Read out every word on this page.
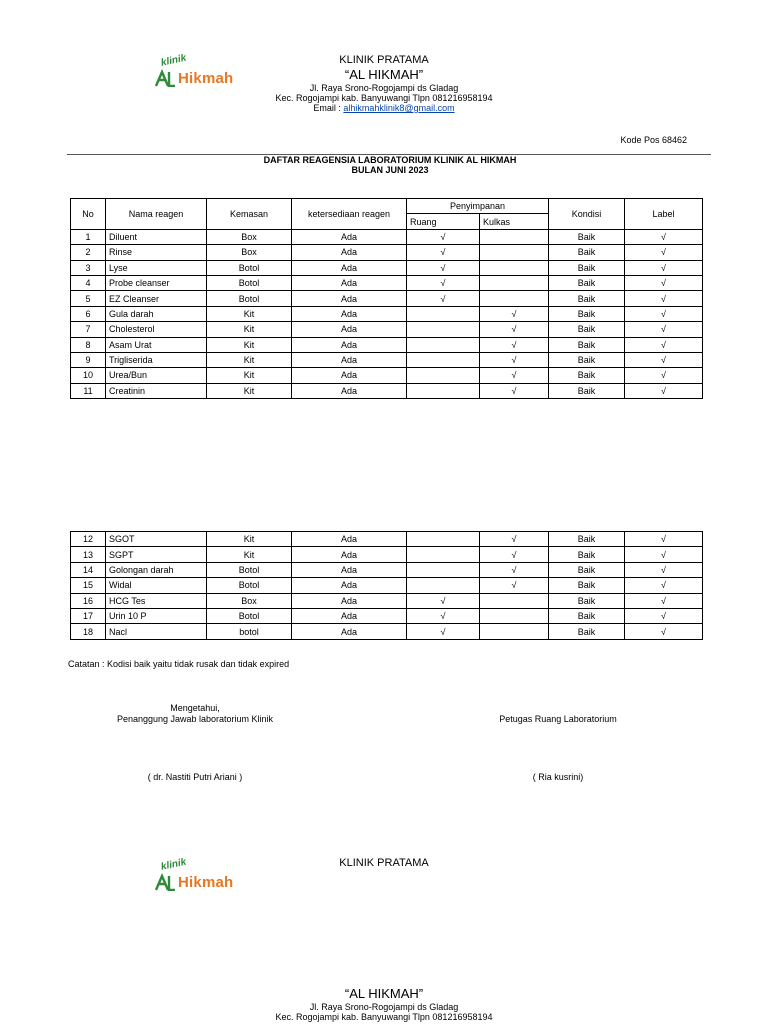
klinik
Hikmah
KLINIK PRATAMA
“AL HIKMAH”
Jl. Raya Srono-Rogojampi ds Gladag
Kec. Rogojampi kab. Banyuwangi Tlpn 081216958194
Email : alhikmahklinik8@gmail.com
Kode Pos 68462
DAFTAR REAGENSIA LABORATORIUM KLINIK AL HIKMAH
BULAN JUNI 2023
No	Nama reagen	Kemasan	ketersediaan reagen	Penyimpanan		Kondisi	Label
				Ruang	Kulkas		
1	Diluent	Box	Ada	√		Baik	√
2	Rinse	Box	Ada	√		Baik	√
3	Lyse	Botol	Ada	√		Baik	√
4	Probe cleanser	Botol	Ada	√		Baik	√
5	EZ Cleanser	Botol	Ada	√		Baik	√
6	Gula darah	Kit	Ada		√	Baik	√
7	Cholesterol	Kit	Ada		√	Baik	√
8	Asam Urat	Kit	Ada		√	Baik	√
9	Trigliserida	Kit	Ada		√	Baik	√
10	Urea/Bun	Kit	Ada		√	Baik	√
11	Creatinin	Kit	Ada		√	Baik	√
12	SGOT	Kit	Ada		√	Baik	√
13	SGPT	Kit	Ada		√	Baik	√
14	Golongan darah	Botol	Ada		√	Baik	√
15	Widal	Botol	Ada		√	Baik	√
16	HCG Tes	Box	Ada	√		Baik	√
17	Urin 10 P	Botol	Ada	√		Baik	√
18	Nacl	botol	Ada	√		Baik	√
Catatan : Kodisi baik yaitu tidak rusak dan tidak expired
Mengetahui,
Penanggung Jawab laboratorium Klinik	Petugas Ruang Laboratorium
( dr. Nastiti Putri Ariani )	( Ria kusrini)
klinik
Hikmah
KLINIK PRATAMA
“AL HIKMAH”
Jl. Raya Srono-Rogojampi ds Gladag
Kec. Rogojampi kab. Banyuwangi Tlpn 081216958194
